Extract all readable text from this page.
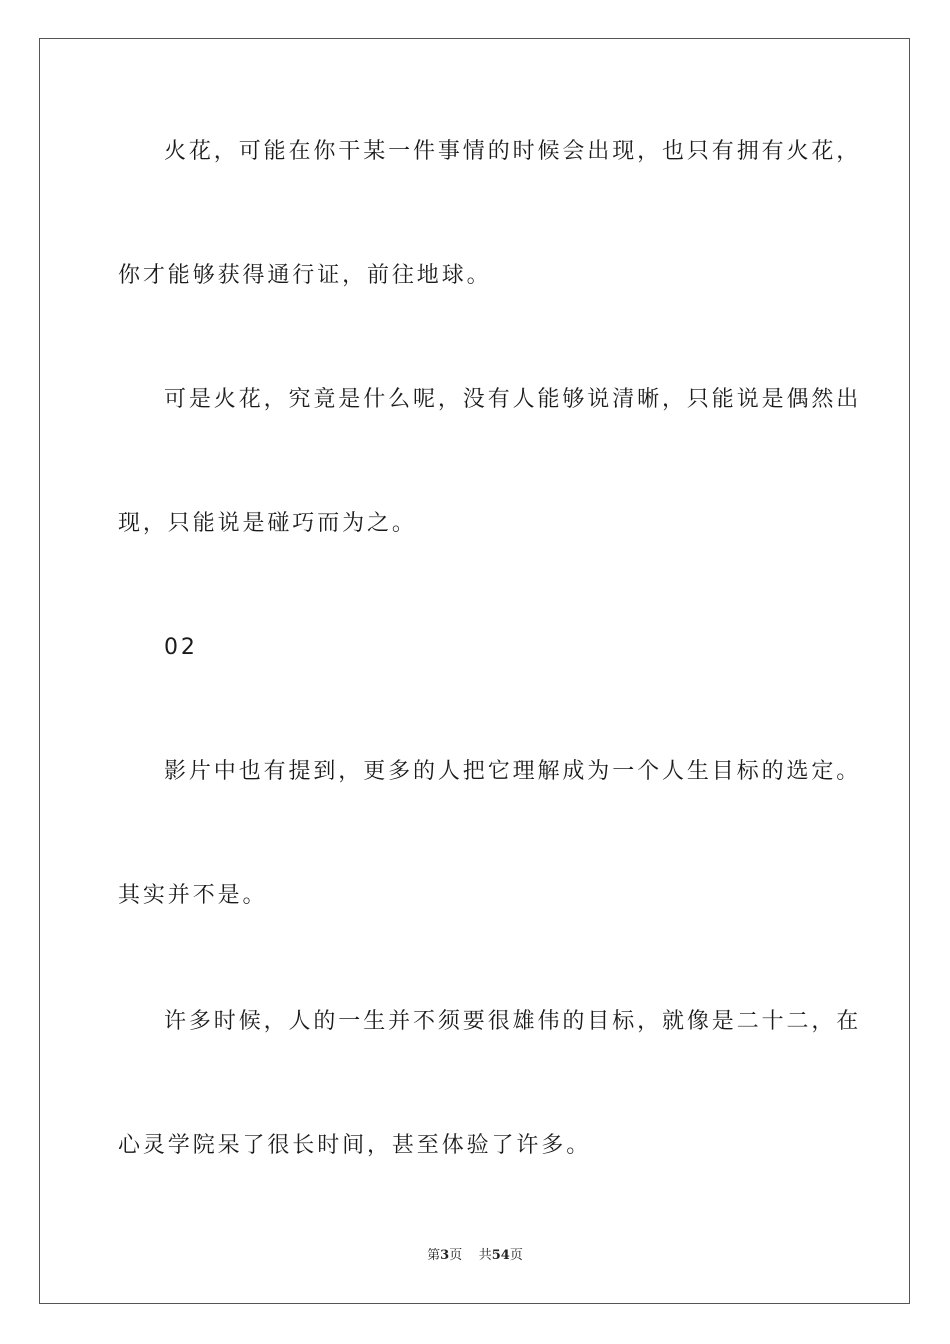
火花，可能在你干某一件事情的时候会出现，也只有拥有火花，
你才能够获得通行证，前往地球。
可是火花，究竟是什么呢，没有人能够说清晰，只能说是偶然出
现，只能说是碰巧而为之。
02
影片中也有提到，更多的人把它理解成为一个人生目标的选定。
其实并不是。
许多时候，人的一生并不须要很雄伟的目标，就像是二十二，在
心灵学院呆了很长时间，甚至体验了许多。
第3页    共54页
